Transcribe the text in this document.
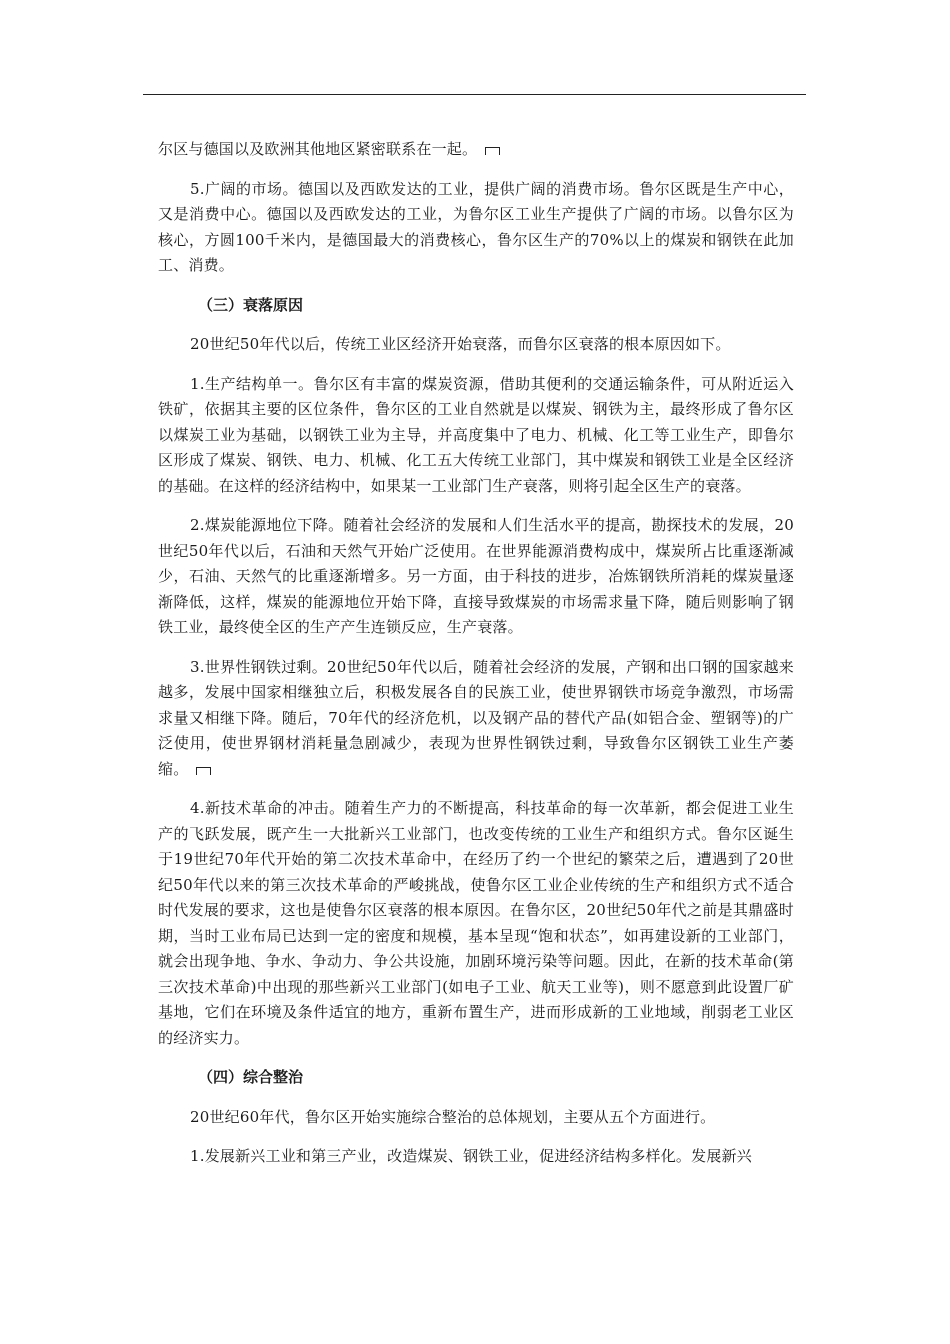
尔区与德国以及欧洲其他地区紧密联系在一起。

5.广阔的市场。德国以及西欧发达的工业，提供广阔的消费市场。鲁尔区既是生产中心，又是消费中心。德国以及西欧发达的工业，为鲁尔区工业生产提供了广阔的市场。以鲁尔区为核心，方圆100千米内，是德国最大的消费核心，鲁尔区生产的70%以上的煤炭和钢铁在此加工、消费。

（三）衰落原因

20世纪50年代以后，传统工业区经济开始衰落，而鲁尔区衰落的根本原因如下。

1.生产结构单一。鲁尔区有丰富的煤炭资源，借助其便利的交通运输条件，可从附近运入铁矿，依据其主要的区位条件，鲁尔区的工业自然就是以煤炭、钢铁为主，最终形成了鲁尔区以煤炭工业为基础，以钢铁工业为主导，并高度集中了电力、机械、化工等工业生产，即鲁尔区形成了煤炭、钢铁、电力、机械、化工五大传统工业部门，其中煤炭和钢铁工业是全区经济的基础。在这样的经济结构中，如果某一工业部门生产衰落，则将引起全区生产的衰落。

2.煤炭能源地位下降。随着社会经济的发展和人们生活水平的提高，勘探技术的发展，20世纪50年代以后，石油和天然气开始广泛使用。在世界能源消费构成中，煤炭所占比重逐渐减少，石油、天然气的比重逐渐增多。另一方面，由于科技的进步，冶炼钢铁所消耗的煤炭量逐渐降低，这样，煤炭的能源地位开始下降，直接导致煤炭的市场需求量下降，随后则影响了钢铁工业，最终使全区的生产产生连锁反应，生产衰落。

3.世界性钢铁过剩。20世纪50年代以后，随着社会经济的发展，产钢和出口钢的国家越来越多，发展中国家相继独立后，积极发展各自的民族工业，使世界钢铁市场竞争激烈，市场需求量又相继下降。随后，70年代的经济危机，以及钢产品的替代产品(如铝合金、塑钢等)的广泛使用，使世界钢材消耗量急剧减少，表现为世界性钢铁过剩，导致鲁尔区钢铁工业生产萎缩。

4.新技术革命的冲击。随着生产力的不断提高，科技革命的每一次革新，都会促进工业生产的飞跃发展，既产生一大批新兴工业部门，也改变传统的工业生产和组织方式。鲁尔区诞生于19世纪70年代开始的第二次技术革命中，在经历了约一个世纪的繁荣之后，遭遇到了20世纪50年代以来的第三次技术革命的严峻挑战，使鲁尔区工业企业传统的生产和组织方式不适合时代发展的要求，这也是使鲁尔区衰落的根本原因。在鲁尔区，20世纪50年代之前是其鼎盛时期，当时工业布局已达到一定的密度和规模，基本呈现“饱和状态”，如再建设新的工业部门，就会出现争地、争水、争动力、争公共设施，加剧环境污染等问题。因此，在新的技术革命(第三次技术革命)中出现的那些新兴工业部门(如电子工业、航天工业等)，则不愿意到此设置厂矿基地，它们在环境及条件适宜的地方，重新布置生产，进而形成新的工业地域，削弱老工业区的经济实力。

（四）综合整治

20世纪60年代，鲁尔区开始实施综合整治的总体规划，主要从五个方面进行。

1.发展新兴工业和第三产业，改造煤炭、钢铁工业，促进经济结构多样化。发展新兴
